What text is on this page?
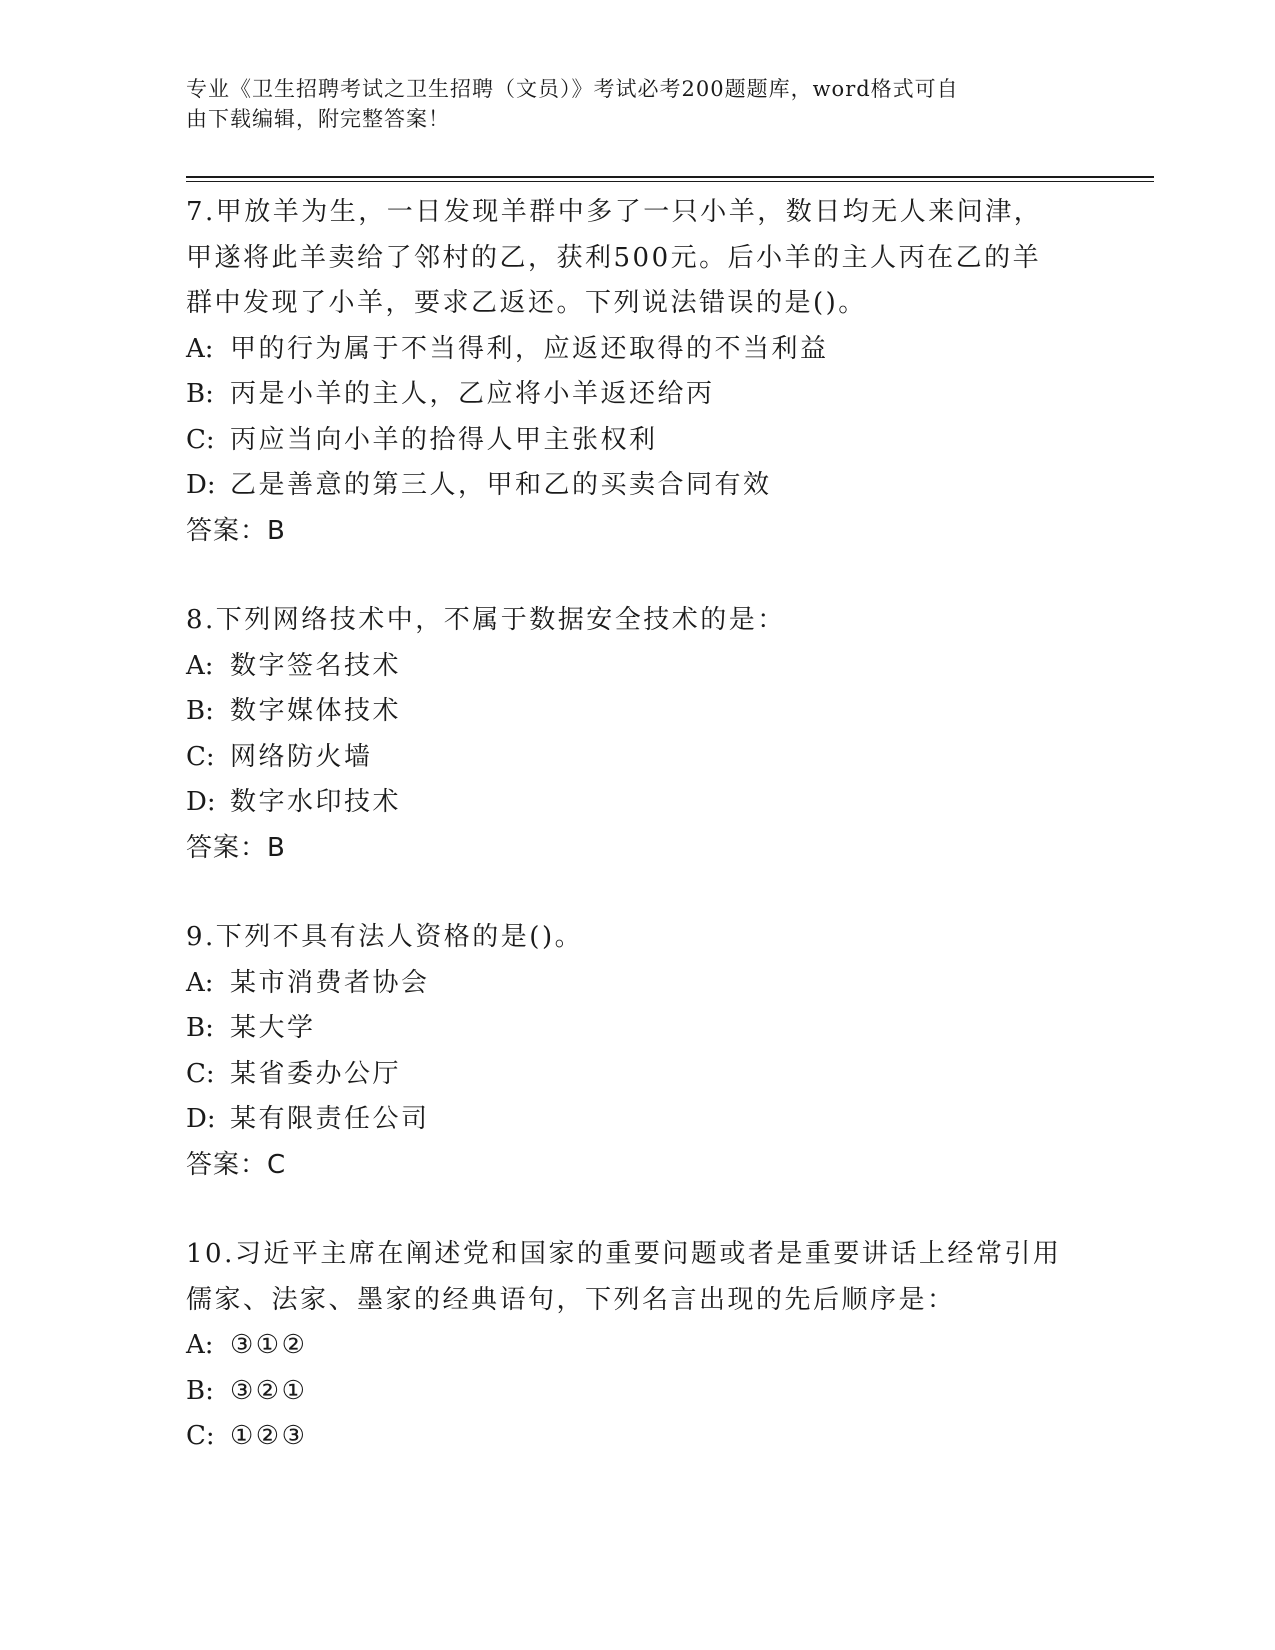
专业《卫生招聘考试之卫生招聘（文员）》考试必考200题题库，word格式可自
由下载编辑，附完整答案！
7.甲放羊为生，一日发现羊群中多了一只小羊，数日均无人来问津，
甲遂将此羊卖给了邻村的乙，获利500元。后小羊的主人丙在乙的羊
群中发现了小羊，要求乙返还。下列说法错误的是()。
A: 甲的行为属于不当得利，应返还取得的不当利益
B: 丙是小羊的主人，乙应将小羊返还给丙
C: 丙应当向小羊的拾得人甲主张权利
D: 乙是善意的第三人，甲和乙的买卖合同有效
答案：B
8.下列网络技术中，不属于数据安全技术的是：
A: 数字签名技术
B: 数字媒体技术
C: 网络防火墙
D: 数字水印技术
答案：B
9.下列不具有法人资格的是()。
A: 某市消费者协会
B: 某大学
C: 某省委办公厅
D: 某有限责任公司
答案：C
10.习近平主席在阐述党和国家的重要问题或者是重要讲话上经常引用
儒家、法家、墨家的经典语句，下列名言出现的先后顺序是：
A: ③①②
B: ③②①
C: ①②③
